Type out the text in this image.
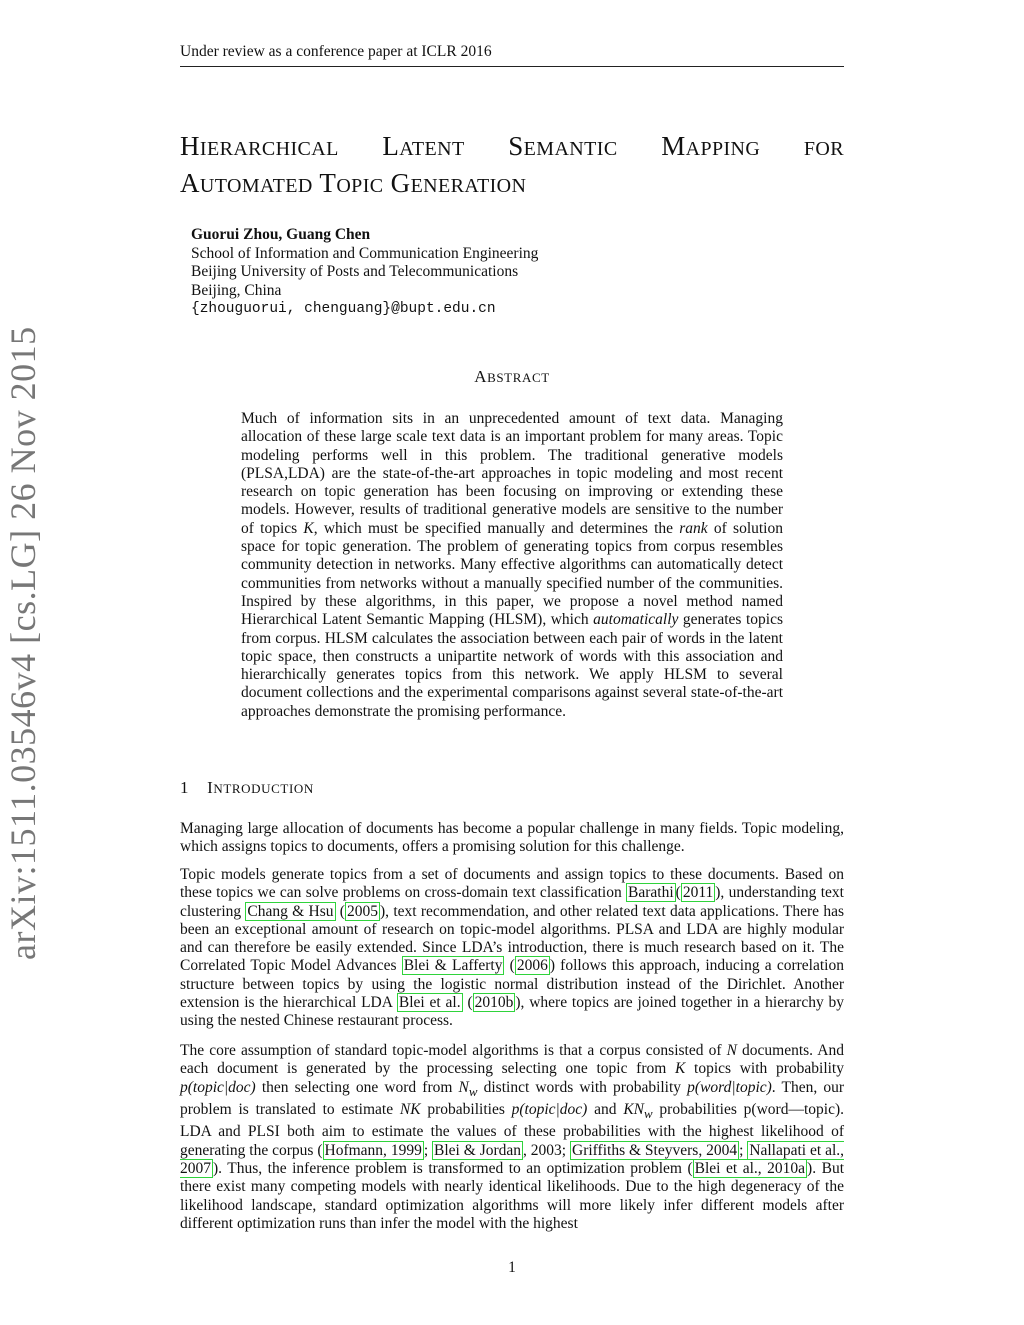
Under review as a conference paper at ICLR 2016
arXiv:1511.03546v4 [cs.LG] 26 Nov 2015
HIERARCHICAL LATENT SEMANTIC MAPPING FOR
AUTOMATED TOPIC GENERATION
Guorui Zhou, Guang Chen
School of Information and Communication Engineering
Beijing University of Posts and Telecommunications
Beijing, China
{zhouguorui, chenguang}@bupt.edu.cn
ABSTRACT
Much of information sits in an unprecedented amount of text data. Managing allocation of these large scale text data is an important problem for many areas. Topic modeling performs well in this problem. The traditional generative models (PLSA,LDA) are the state-of-the-art approaches in topic modeling and most recent research on topic generation has been focusing on improving or extending these models. However, results of traditional generative models are sensitive to the number of topics K, which must be specified manually and determines the rank of solution space for topic generation. The problem of generating topics from corpus resembles community detection in networks. Many effective algorithms can automatically detect communities from networks without a manually specified number of the communities. Inspired by these algorithms, in this paper, we propose a novel method named Hierarchical Latent Semantic Mapping (HLSM), which automatically generates topics from corpus. HLSM calculates the association between each pair of words in the latent topic space, then constructs a unipartite network of words with this association and hierarchically generates topics from this network. We apply HLSM to several document collections and the experimental comparisons against several state-of-the-art approaches demonstrate the promising performance.
1 INTRODUCTION
Managing large allocation of documents has become a popular challenge in many fields. Topic modeling, which assigns topics to documents, offers a promising solution for this challenge.
Topic models generate topics from a set of documents and assign topics to these documents. Based on these topics we can solve problems on cross-domain text classification Barathi ( 2011 ), understanding text clustering Chang & Hsu ( 2005 ), text recommendation, and other related text data applications. There has been an exceptional amount of research on topic-model algorithms. PLSA and LDA are highly modular and can therefore be easily extended. Since LDA’s introduction, there is much research based on it. The Correlated Topic Model Advances Blei & Lafferty ( 2006 ) follows this approach, inducing a correlation structure between topics by using the logistic normal distribution instead of the Dirichlet. Another extension is the hierarchical LDA Blei et al. ( 2010b ), where topics are joined together in a hierarchy by using the nested Chinese restaurant process.
The core assumption of standard topic-model algorithms is that a corpus consisted of N documents. And each document is generated by the processing selecting one topic from K topics with probability p(topic|doc) then selecting one word from $N_w$ distinct words with probability p(word|topic). Then, our problem is translated to estimate NK probabilities p(topic|doc) and $KN_w$ probabilities p(word—topic). LDA and PLSI both aim to estimate the values of these probabilities with the highest likelihood of generating the corpus ( Hofmann, 1999 ; Blei & Jordan , 2003; Griffiths & Steyvers, 2004 ; Nallapati et al., 2007 ). Thus, the inference problem is transformed to an optimization problem ( Blei et al., 2010a ). But there exist many competing models with nearly identical likelihoods. Due to the high degeneracy of the likelihood landscape, standard optimization algorithms will more likely infer different models after different optimization runs than infer the model with the highest
1
